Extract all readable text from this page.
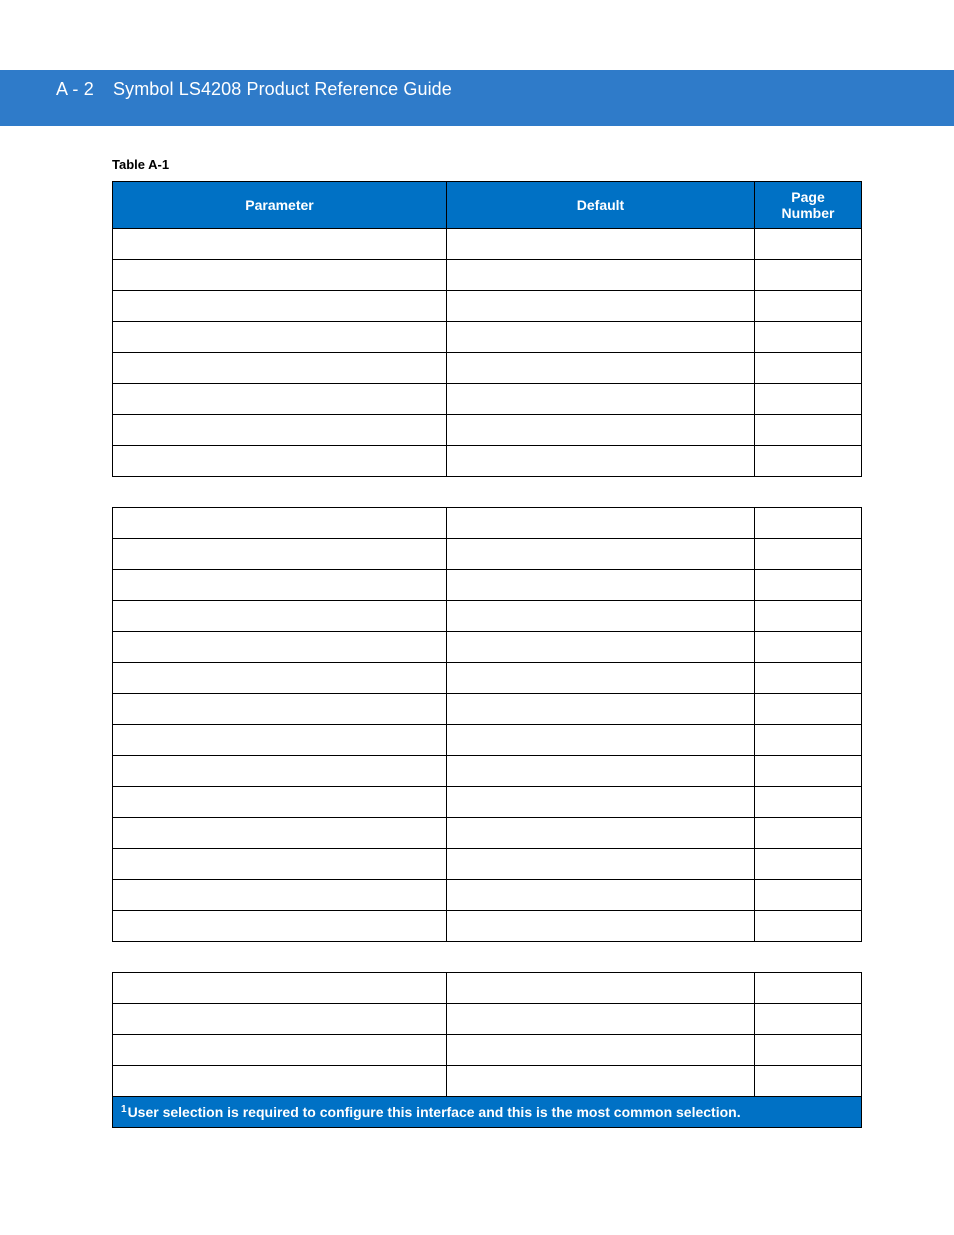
A - 2 Symbol LS4208 Product Reference Guide
Table A-1
Parameter	Default	Page Number

$^1$User selection is required to configure this interface and this is the most common selection.		
